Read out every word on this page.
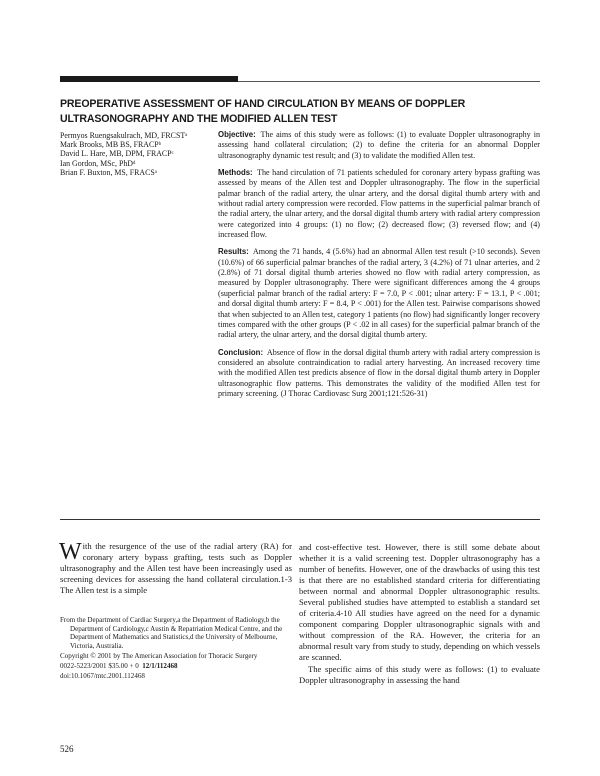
PREOPERATIVE ASSESSMENT OF HAND CIRCULATION BY MEANS OF DOPPLER
ULTRASONOGRAPHY AND THE MODIFIED ALLEN TEST
Permyos Ruengsakulrach, MD, FRCSTᵃ
Mark Brooks, MB BS, FRACPᵇ
David L. Hare, MB, DPM, FRACPᶜ
Ian Gordon, MSc, PhDᵈ
Brian F. Buxton, MS, FRACSᵃ

Objective: The aims of this study were as follows: (1) to evaluate Doppler ultrasonography in assessing hand collateral circulation; (2) to define the criteria for an abnormal Doppler ultrasonography dynamic test result; and (3) to validate the modified Allen test.

Methods: The hand circulation of 71 patients scheduled for coronary artery bypass grafting was assessed by means of the Allen test and Doppler ultrasonography. The flow in the superficial palmar branch of the radial artery, the ulnar artery, and the dorsal digital thumb artery with and without radial artery compression were recorded. Flow patterns in the superficial palmar branch of the radial artery, the ulnar artery, and the dorsal digital thumb artery with radial artery compression were categorized into 4 groups: (1) no flow; (2) decreased flow; (3) reversed flow; and (4) increased flow.

Results: Among the 71 hands, 4 (5.6%) had an abnormal Allen test result (>10 seconds). Seven (10.6%) of 66 superficial palmar branches of the radial artery, 3 (4.2%) of 71 ulnar arteries, and 2 (2.8%) of 71 dorsal digital thumb arteries showed no flow with radial artery compression, as measured by Doppler ultrasonography. There were significant differences among the 4 groups (superficial palmar branch of the radial artery: F = 7.0, P < .001; ulnar artery: F = 13.1, P < .001; and dorsal digital thumb artery: F = 8.4, P < .001) for the Allen test. Pairwise comparisons showed that when subjected to an Allen test, category 1 patients (no flow) had significantly longer recovery times compared with the other groups (P < .02 in all cases) for the superficial palmar branch of the radial artery, the ulnar artery, and the dorsal digital thumb artery.

Conclusion: Absence of flow in the dorsal digital thumb artery with radial artery compression is considered an absolute contraindication to radial artery harvesting. An increased recovery time with the modified Allen test predicts absence of flow in the dorsal digital thumb artery in Doppler ultrasonographic flow patterns. This demonstrates the validity of the modified Allen test for primary screening. (J Thorac Cardiovasc Surg 2001;121:526-31)

With the resurgence of the use of the radial artery (RA) for coronary artery bypass grafting, tests such as Doppler ultrasonography and the Allen test have been increasingly used as screening devices for assessing the hand collateral circulation.1-3 The Allen test is a simple

From the Department of Cardiac Surgery,a the Department of Radiology,b the Department of Cardiology,c Austin & Repatriation Medical Centre, and the Department of Mathematics and Statistics,d the University of Melbourne, Victoria, Australia.

Copyright © 2001 by The American Association for Thoracic Surgery

0022-5223/2001 $35.00 + 0 12/1/112468

doi:10.1067/mtc.2001.112468

and cost-effective test. However, there is still some debate about whether it is a valid screening test. Doppler ultrasonography has a number of benefits. However, one of the drawbacks of using this test is that there are no established standard criteria for differentiating between normal and abnormal Doppler ultrasonographic results. Several published studies have attempted to establish a standard set of criteria.4-10 All studies have agreed on the need for a dynamic component comparing Doppler ultrasonographic signals with and without compression of the RA. However, the criteria for an abnormal result vary from study to study, depending on which vessels are scanned.

The specific aims of this study were as follows: (1) to evaluate Doppler ultrasonography in assessing the hand

526
